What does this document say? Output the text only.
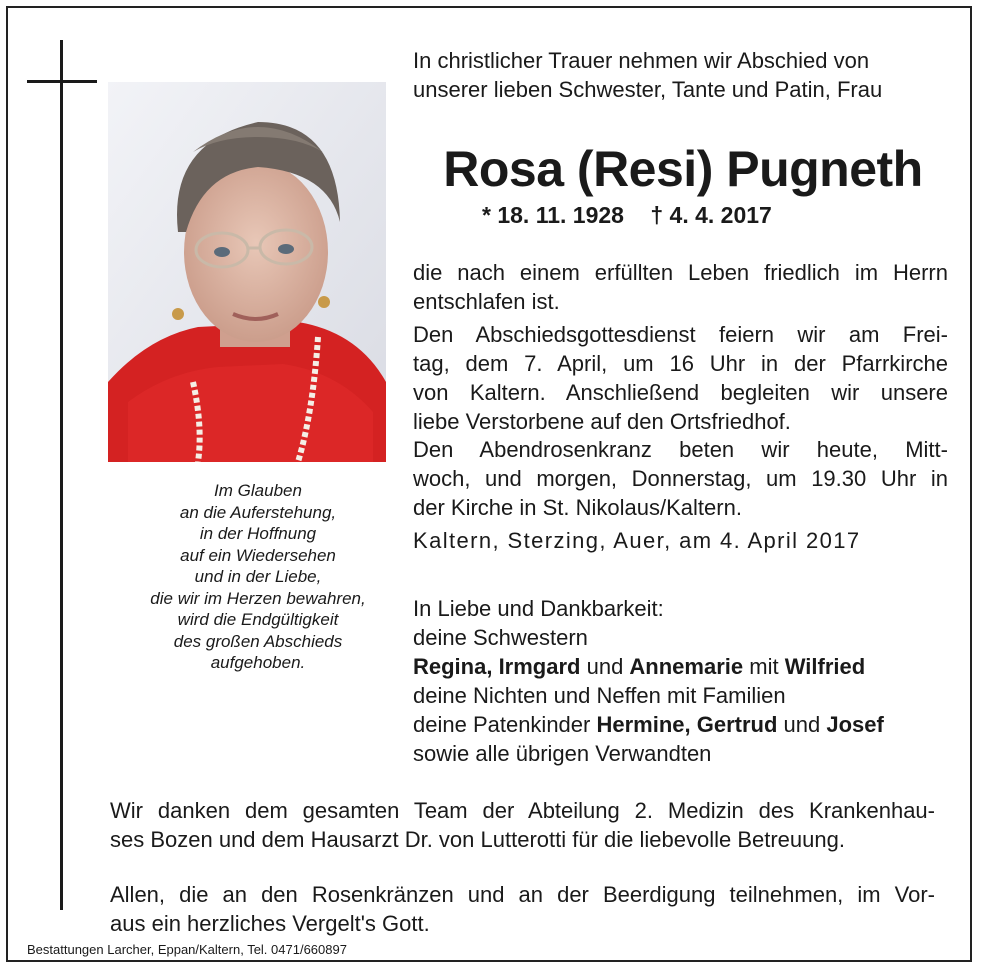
Im Glauben
an die Auferstehung,
in der Hoffnung
auf ein Wiedersehen
und in der Liebe,
die wir im Herzen bewahren,
wird die Endgültigkeit
des großen Abschieds
aufgehoben.
In christlicher Trauer nehmen wir Abschied von
unserer lieben Schwester, Tante und Patin, Frau
Rosa (Resi) Pugneth
* 18. 11. 1928 † 4. 4. 2017
die nach einem erfüllten Leben friedlich im Herrn
entschlafen ist.
Den Abschiedsgottesdienst feiern wir am Frei-
tag, dem 7. April, um 16 Uhr in der Pfarrkirche
von Kaltern. Anschließend begleiten wir unsere
liebe Verstorbene auf den Ortsfriedhof.
Den Abendrosenkranz beten wir heute, Mitt-
woch, und morgen, Donnerstag, um 19.30 Uhr in
der Kirche in St. Nikolaus/Kaltern.
Kaltern, Sterzing, Auer, am 4. April 2017
In Liebe und Dankbarkeit:
deine Schwestern
Regina, Irmgard und Annemarie mit Wilfried
deine Nichten und Neffen mit Familien
deine Patenkinder Hermine, Gertrud und Josef
sowie alle übrigen Verwandten
Wir danken dem gesamten Team der Abteilung 2. Medizin des Krankenhau-
ses Bozen und dem Hausarzt Dr. von Lutterotti für die liebevolle Betreuung.
Allen, die an den Rosenkränzen und an der Beerdigung teilnehmen, im Vor-
aus ein herzliches Vergelt's Gott.
Bestattungen Larcher, Eppan/Kaltern, Tel. 0471/660897
